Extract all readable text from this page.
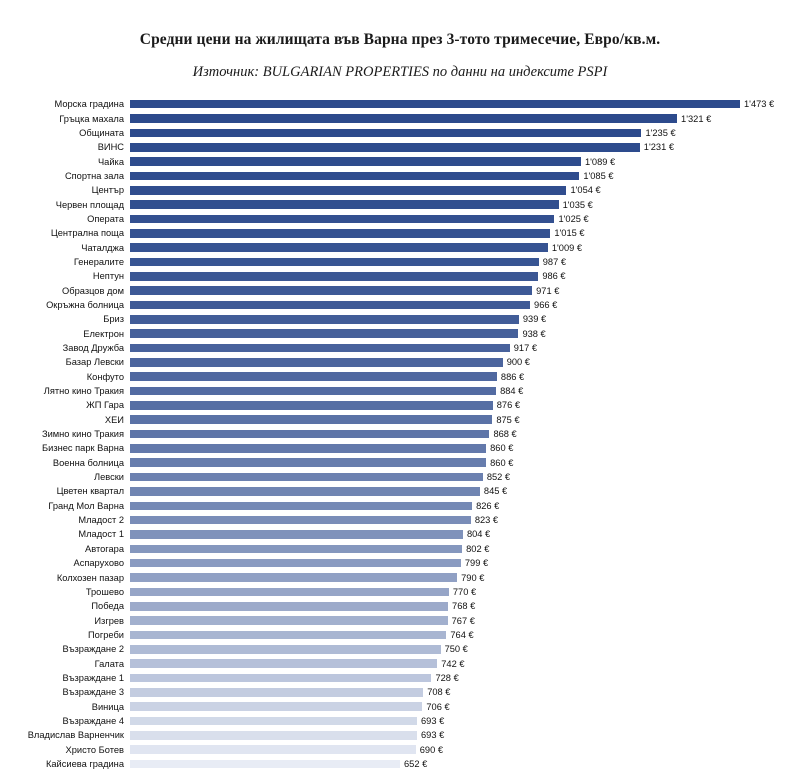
Средни цени на жилищата във Варна през 3-тото тримесечие, Евро/кв.м.
Източник: BULGARIAN PROPERTIES по данни на индексите PSPI
Морска градина	1'473 €
Гръцка махала	1'321 €
Общината	1'235 €
ВИНС	1'231 €
Чайка	1'089 €
Спортна зала	1'085 €
Център	1'054 €
Червен площад	1'035 €
Операта	1'025 €
Централна поща	1'015 €
Чаталджа	1'009 €
Генералите	987 €
Нептун	986 €
Образцов дом	971 €
Окръжна болница	966 €
Бриз	939 €
Електрон	938 €
Завод Дружба	917 €
Базар Левски	900 €
Конфуто	886 €
Лятно кино Тракия	884 €
ЖП Гара	876 €
ХЕИ	875 €
Зимно кино Тракия	868 €
Бизнес парк Варна	860 €
Военна болница	860 €
Левски	852 €
Цветен квартал	845 €
Гранд Мол Варна	826 €
Младост 2	823 €
Младост 1	804 €
Автогара	802 €
Аспарухово	799 €
Колхозен пазар	790 €
Трошево	770 €
Победа	768 €
Изгрев	767 €
Погреби	764 €
Възраждане 2	750 €
Галата	742 €
Възраждане 1	728 €
Възраждане 3	708 €
Виница	706 €
Възраждане 4	693 €
Владислав Варненчик	693 €
Христо Ботев	690 €
Кайсиева градина	652 €
